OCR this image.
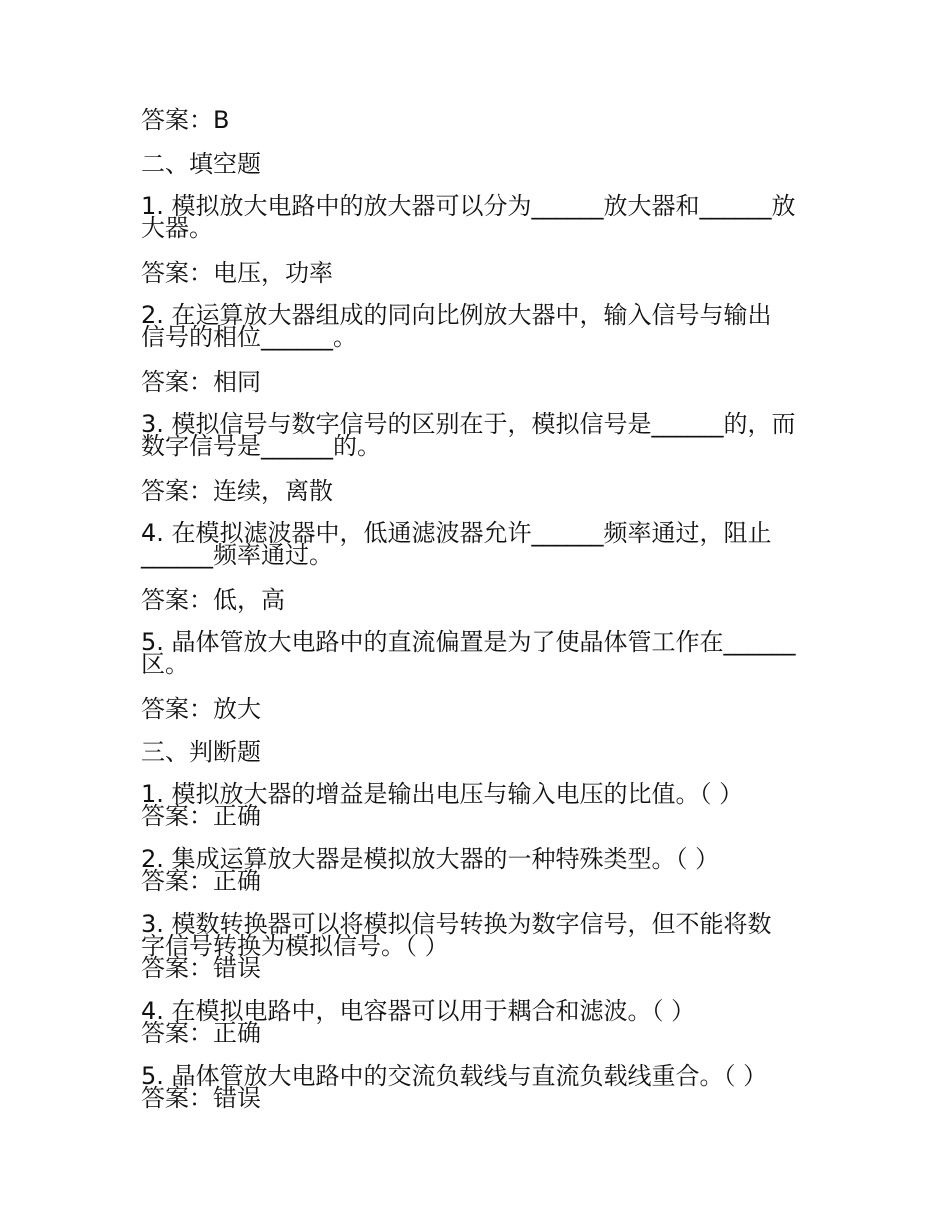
答案：B
二、填空题
1. 模拟放大电路中的放大器可以分为______放大器和______放
大器。
答案：电压，功率
2. 在运算放大器组成的同向比例放大器中，输入信号与输出
信号的相位______。
答案：相同
3. 模拟信号与数字信号的区别在于，模拟信号是______的，而
数字信号是______的。
答案：连续，离散
4. 在模拟滤波器中，低通滤波器允许______频率通过，阻止
______频率通过。
答案：低，高
5. 晶体管放大电路中的直流偏置是为了使晶体管工作在______
区。
答案：放大
三、判断题
1. 模拟放大器的增益是输出电压与输入电压的比值。（ ）
答案：正确
2. 集成运算放大器是模拟放大器的一种特殊类型。（ ）
答案：正确
3. 模数转换器可以将模拟信号转换为数字信号，但不能将数
字信号转换为模拟信号。（ ）
答案：错误
4. 在模拟电路中，电容器可以用于耦合和滤波。（ ）
答案：正确
5. 晶体管放大电路中的交流负载线与直流负载线重合。（ ）
答案：错误
